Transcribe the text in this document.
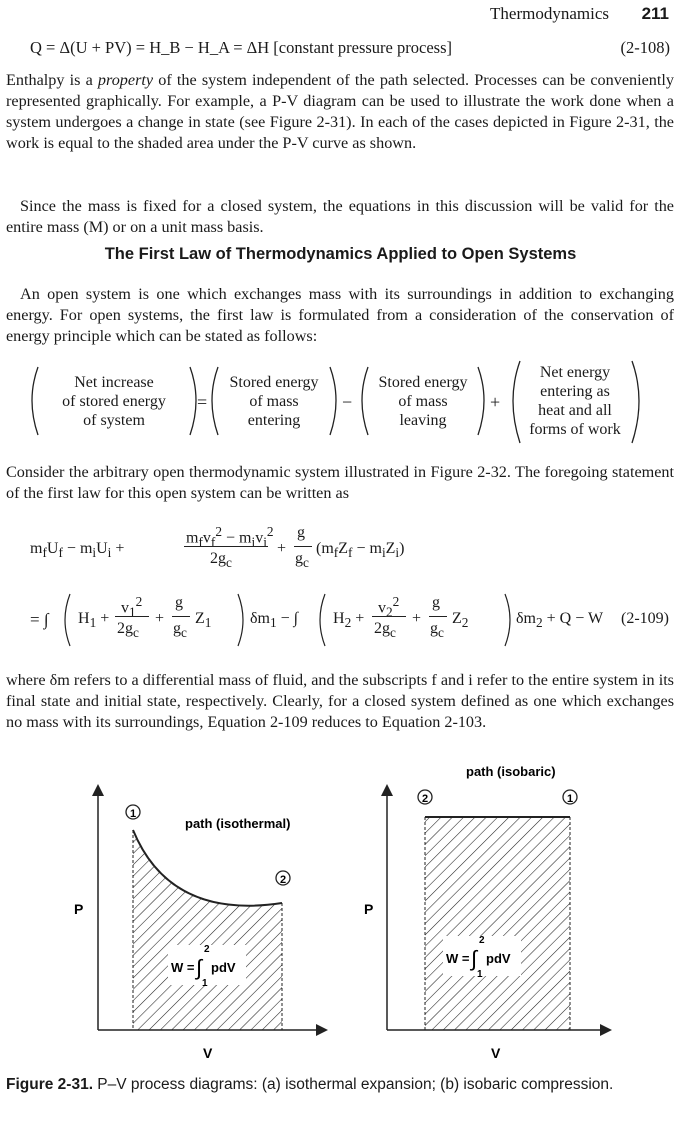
Thermodynamics 211
Q = Δ(U + PV) = H_B − H_A = ΔH [constant pressure process]	(2-108)

Enthalpy is a property of the system independent of the path selected. Processes can be conveniently represented graphically. For example, a P-V diagram can be used to illustrate the work done when a system undergoes a change in state (see Figure 2-31). In each of the cases depicted in Figure 2-31, the work is equal to the shaded area under the P-V curve as shown.

Since the mass is fixed for a closed system, the equations in this discussion will be valid for the entire mass (M) or on a unit mass basis.

The First Law of Thermodynamics Applied to Open Systems

An open system is one which exchanges mass with its surroundings in addition to exchanging energy. For open systems, the first law is formulated from a consideration of the conservation of energy principle which can be stated as follows:

Net increase
of stored energy
of system
=
Stored energy
of mass
entering
−
Stored energy
of mass
leaving
+
Net energy
entering as
heat and all
forms of work

Consider the arbitrary open thermodynamic system illustrated in Figure 2-32. The foregoing statement of the first law for this open system can be written as

$m_fU_f - m_iU_i$ +
$m_fv_f^2 - m_iv_i^2$
$2g_c$
+
g
$g_c$
$(m_fZ_f - m_iZ_i)$
= ∫ $H_1$ +
$v_1^2$
$2g_c$
+
g
$g_c$
$Z_1$ $\delta m_1$ − ∫ $H_2$ +
$v_2^2$
$2g_c$
+
g
$g_c$
$Z_2$	$\delta m_2 + Q - W$ (2-109)

where δm refers to a differential mass of fluid, and the subscripts f and i refer to the entire system in its final state and initial state, respectively. Clearly, for a closed system defined as one which exchanges no mass with its surroundings, Equation 2-109 reduces to Equation 2-103.

1
2
path (isothermal)
P
V
W = ∫
2
1
pdV
2	1
path (isobaric)
P
V
W = ∫
2
1
pdV
Figure 2-31. P–V process diagrams: (a) isothermal expansion; (b) isobaric compression.
